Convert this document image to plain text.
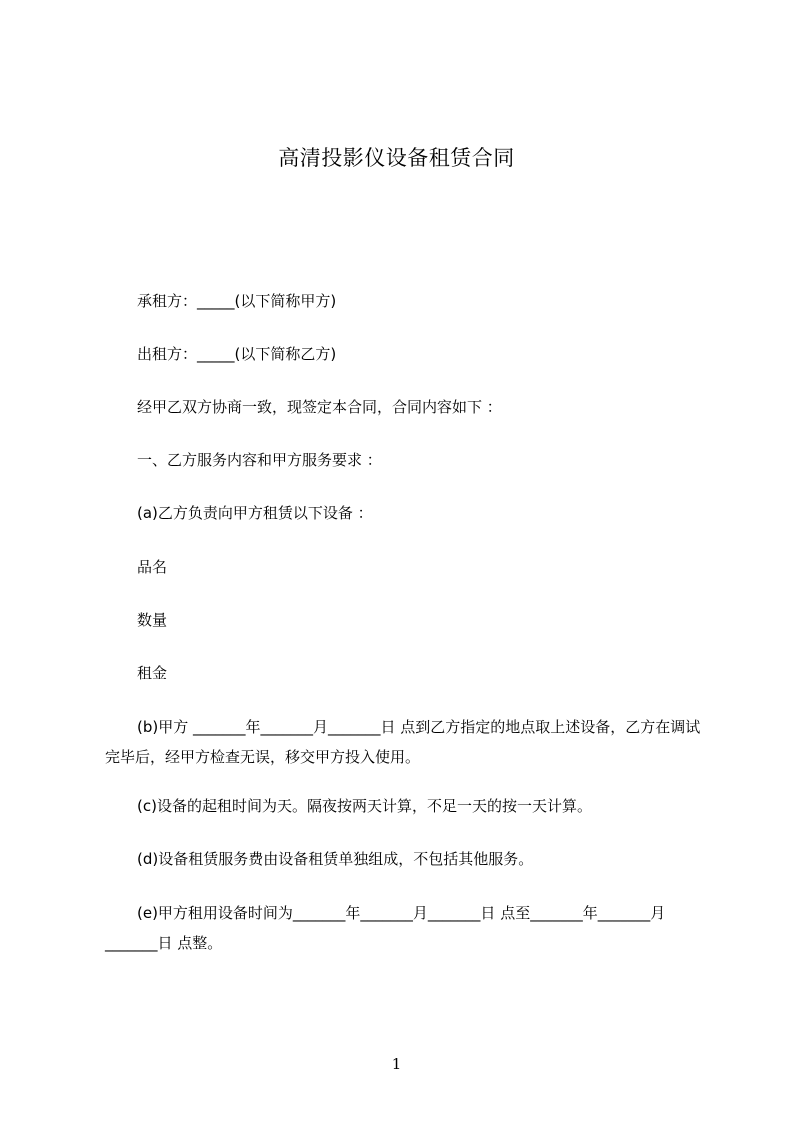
高清投影仪设备租赁合同
承租方：_____(以下简称甲方)
出租方：_____(以下简称乙方)
经甲乙双方协商一致，现签定本合同，合同内容如下 ：
一、乙方服务内容和甲方服务要求 ：
(a)乙方负责向甲方租赁以下设备 ：
品名
数量
租金
(b)甲方 _______年_______月_______日 点到乙方指定的地点取上述设备，乙方在调试完毕后，经甲方检查无误，移交甲方投入使用。
(c)设备的起租时间为天。隔夜按两天计算，不足一天的按一天计算。
(d)设备租赁服务费由设备租赁单独组成，不包括其他服务。
(e)甲方租用设备时间为_______年_______月_______日 点至_______年_______月_______日 点整。
1
